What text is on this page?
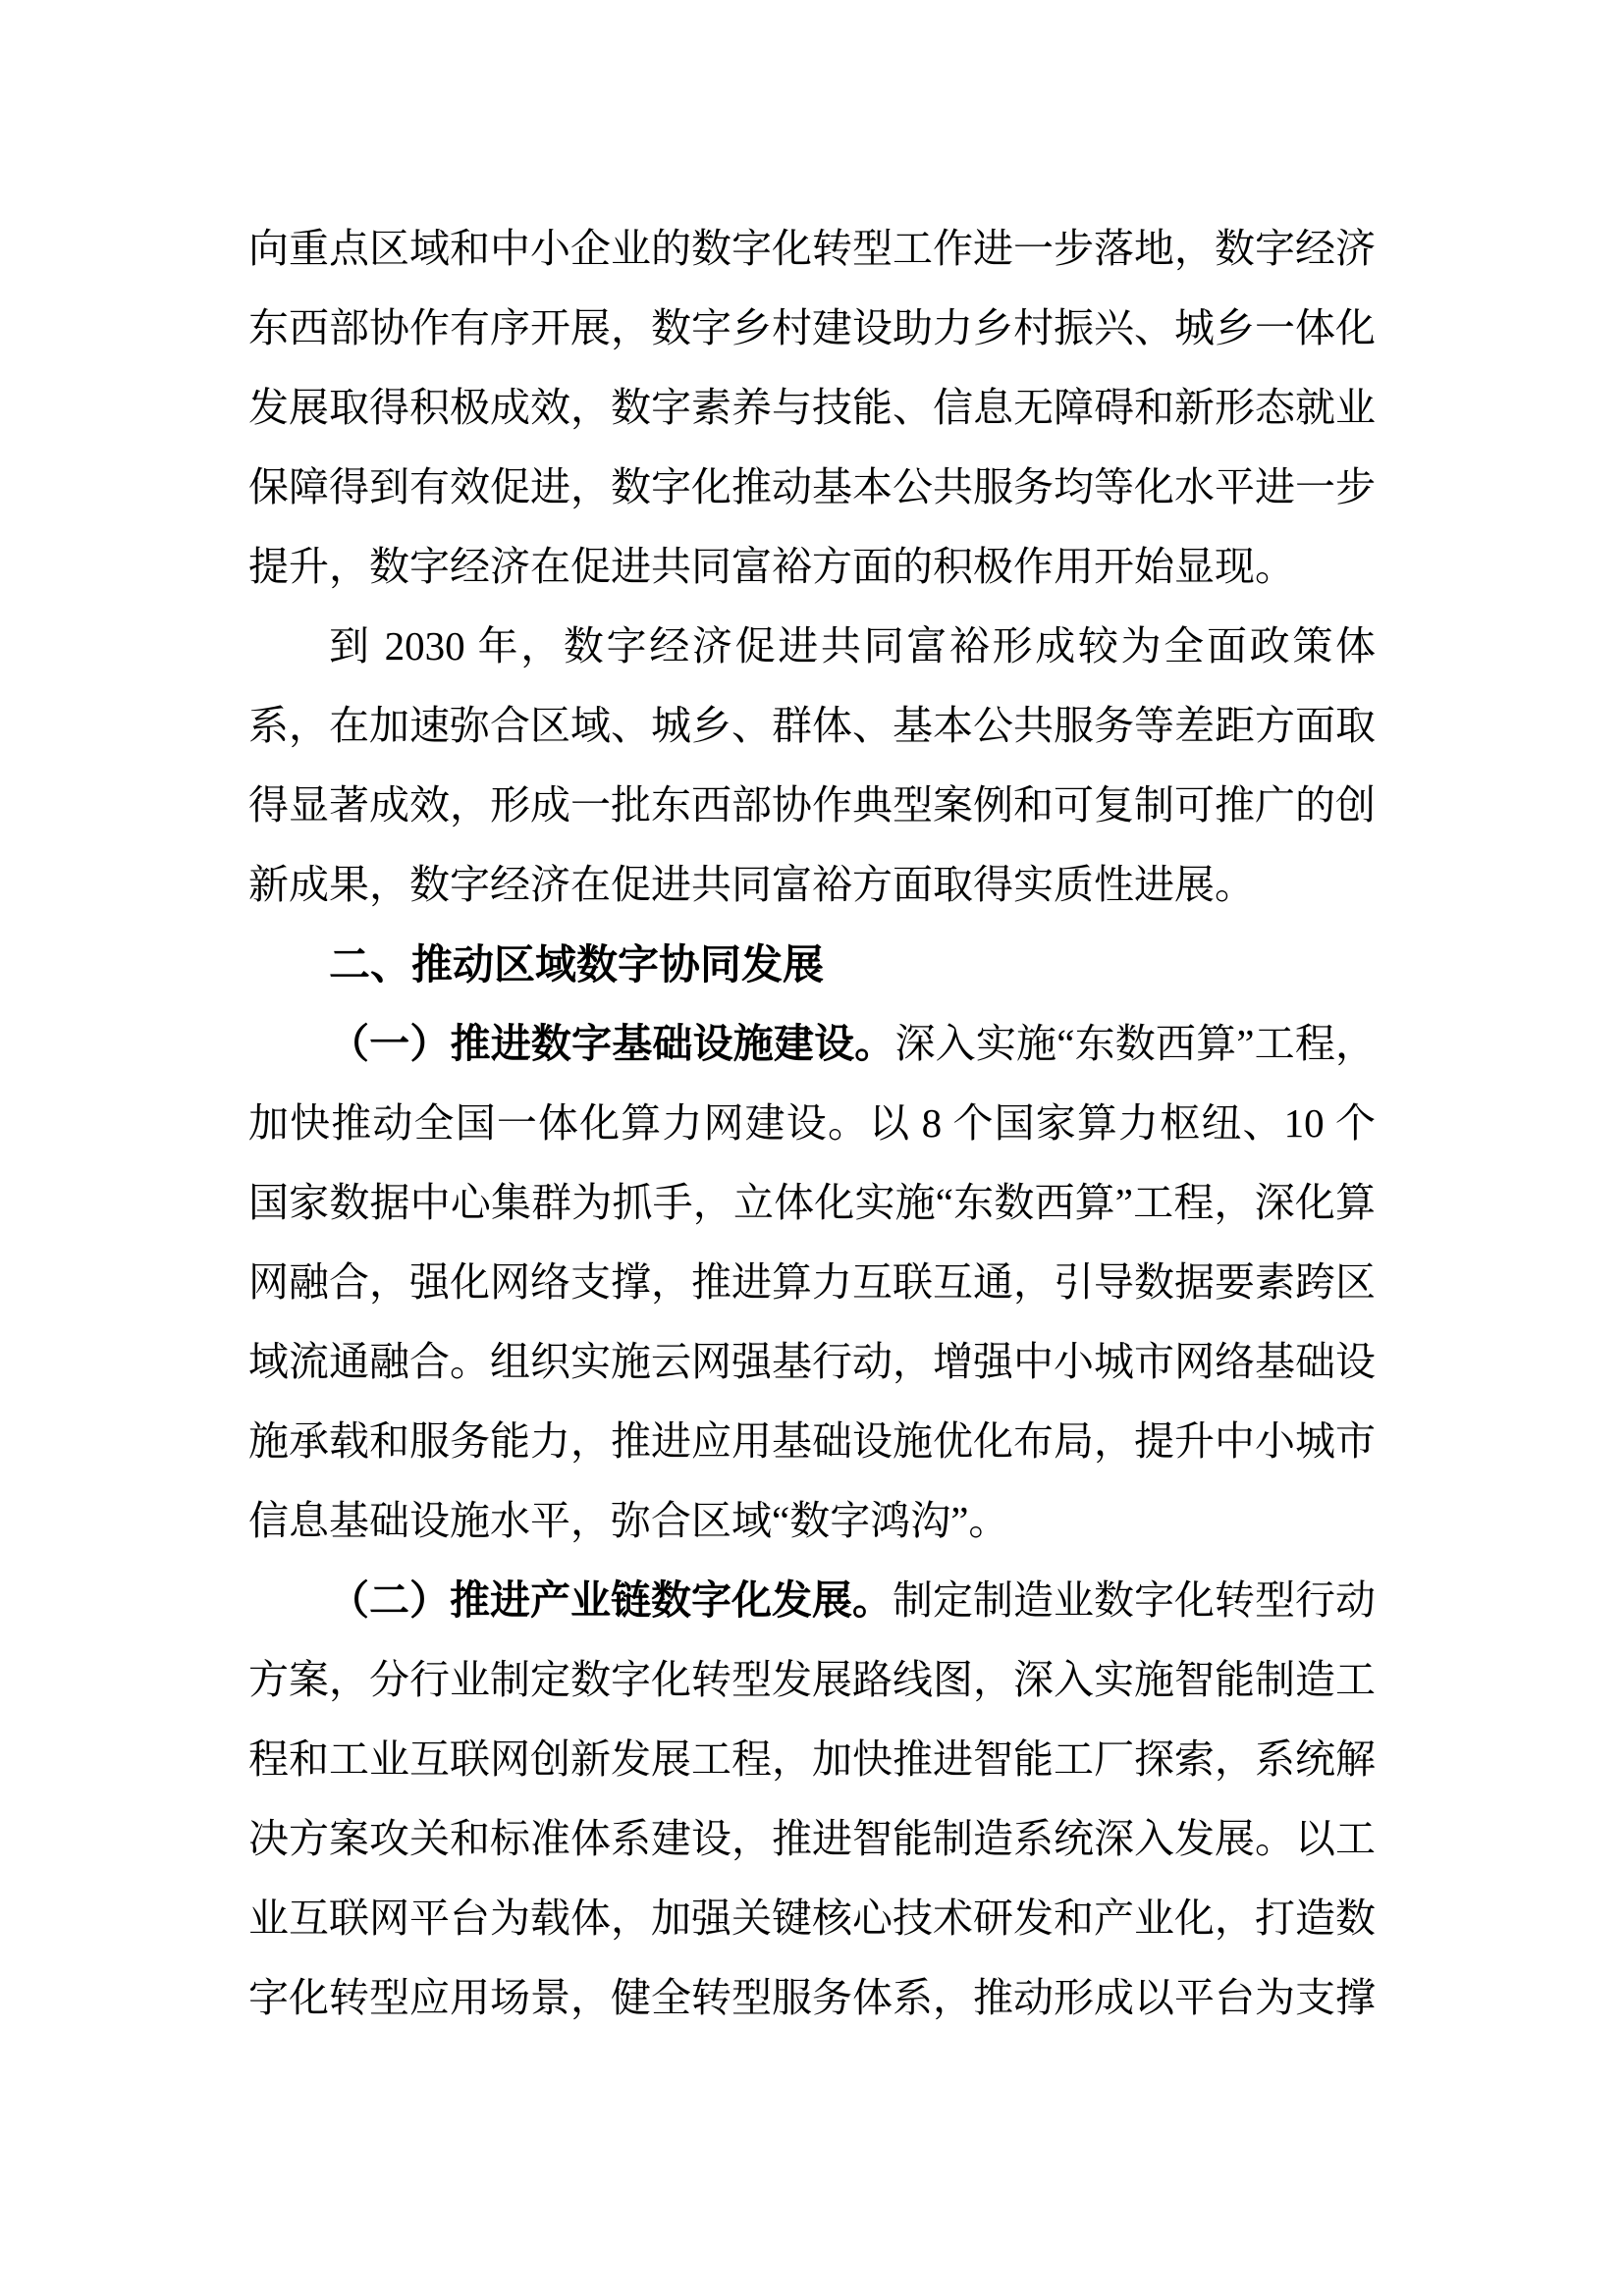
向重点区域和中小企业的数字化转型工作进一步落地，数字经济东西部协作有序开展，数字乡村建设助力乡村振兴、城乡一体化发展取得积极成效，数字素养与技能、信息无障碍和新形态就业保障得到有效促进，数字化推动基本公共服务均等化水平进一步提升，数字经济在促进共同富裕方面的积极作用开始显现。

到 2030 年，数字经济促进共同富裕形成较为全面政策体系，在加速弥合区域、城乡、群体、基本公共服务等差距方面取得显著成效，形成一批东西部协作典型案例和可复制可推广的创新成果，数字经济在促进共同富裕方面取得实质性进展。

二、推动区域数字协同发展

（一）推进数字基础设施建设。深入实施“东数西算”工程，加快推动全国一体化算力网建设。以 8 个国家算力枢纽、10 个国家数据中心集群为抓手，立体化实施“东数西算”工程，深化算网融合，强化网络支撑，推进算力互联互通，引导数据要素跨区域流通融合。组织实施云网强基行动，增强中小城市网络基础设施承载和服务能力，推进应用基础设施优化布局，提升中小城市信息基础设施水平，弥合区域“数字鸿沟”。

（二）推进产业链数字化发展。制定制造业数字化转型行动方案，分行业制定数字化转型发展路线图，深入实施智能制造工程和工业互联网创新发展工程，加快推进智能工厂探索，系统解决方案攻关和标准体系建设，推进智能制造系统深入发展。以工业互联网平台为载体，加强关键核心技术研发和产业化，打造数字化转型应用场景，健全转型服务体系，推动形成以平台为支撑
